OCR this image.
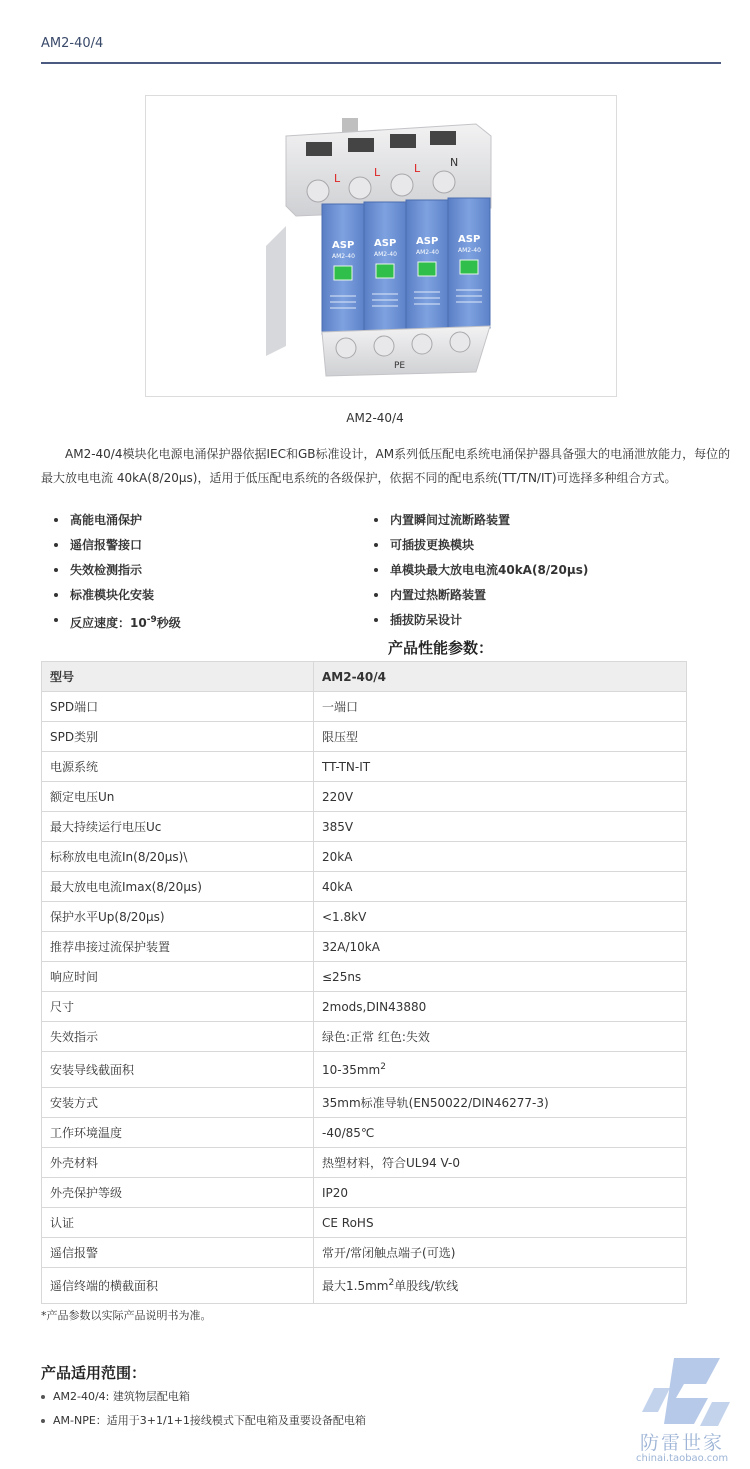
AM2-40/4
L	L	L	N
ASP ASP ASP ASP
AM2-40	AM2-40	AM2-40	AM2-40
PE
AM2-40/4

AM2-40/4模块化电源电涌保护器依据IEC和GB标准设计，AM系列低压配电系统电涌保护器具备强大的电涌泄放能力，每位的最大放电电流 40kA(8/20μs)，适用于低压配电系统的各级保护，依据不同的配电系统(TT/TN/IT)可选择多种组合方式。

高能电涌保护
遥信报警接口
失效检测指示
标准模块化安装
反应速度：$10^{-9}$秒级
内置瞬间过流断路装置
可插拔更换模块
单模块最大放电电流40kA(8/20μs)
内置过热断路装置
插拔防呆设计
产品性能参数：
型号	AM2-40/4
SPD端口	一端口
SPD类别	限压型
电源系统	TT-TN-IT
额定电压Un	220V
最大持续运行电压Uc	385V
标称放电电流In(8/20μs)\	20kA
最大放电电流Imax(8/20μs)	40kA
保护水平Up(8/20μs)	<1.8kV
推荐串接过流保护装置	32A/10kA
响应时间	≤25ns
尺寸	2mods,DIN43880
失效指示	绿色:正常 红色:失效
安装导线截面积	$10-35mm^2$
安装方式	35mm标准导轨(EN50022/DIN46277-3)
工作环境温度	-40/85℃
外壳材料	热塑材料，符合UL94 V-0
外壳保护等级	IP20
认证	CE RoHS
遥信报警	常开/常闭触点端子(可选)
遥信终端的横截面积	最大$1.5mm^2$单股线/软线
*产品参数以实际产品说明书为准。
产品适用范围：
AM2-40/4: 建筑物层配电箱
AM-NPE：适用于3+1/1+1接线模式下配电箱及重要设备配电箱
防雷世家
chinai.taobao.com
